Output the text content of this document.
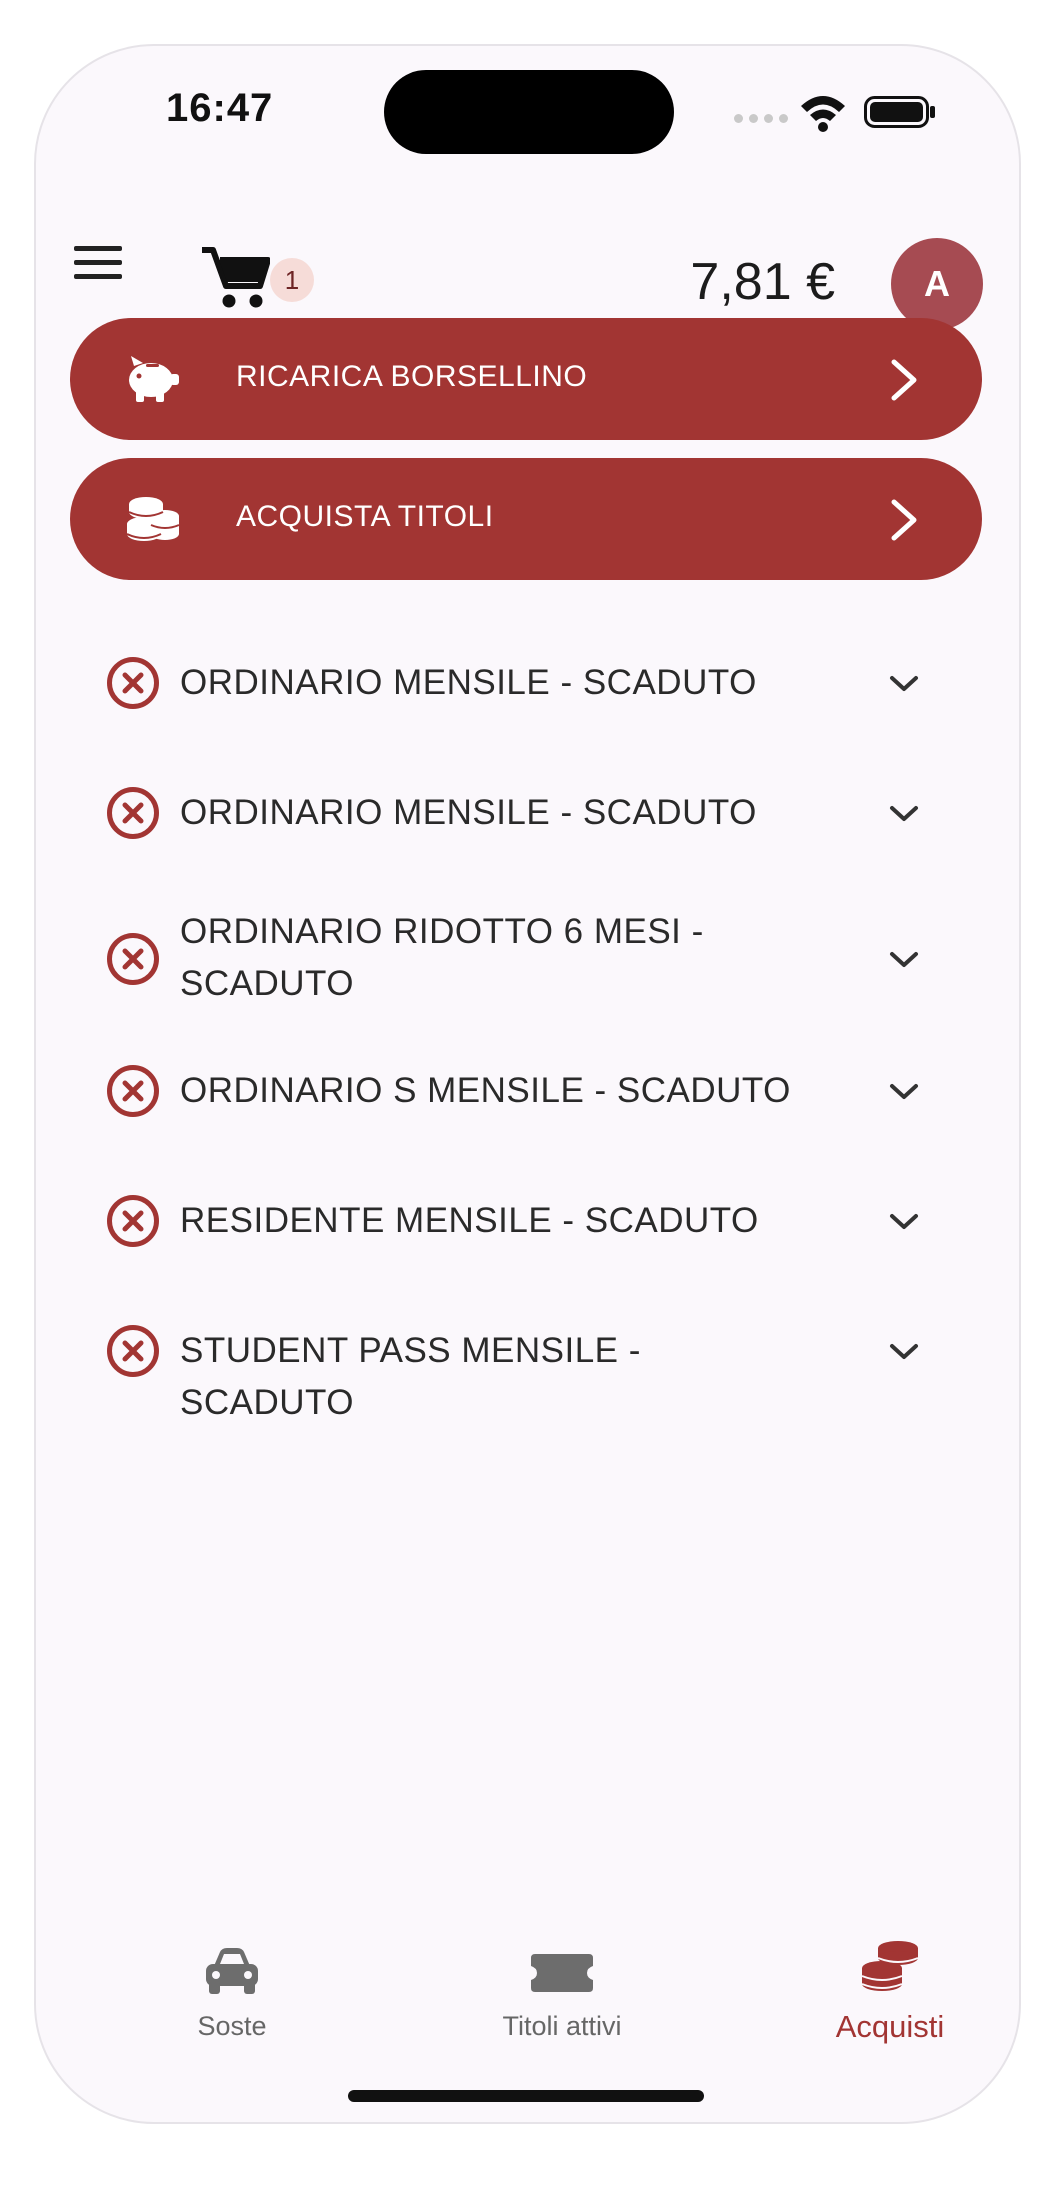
16:47
1	7,81 €	A
RICARICA BORSELLINO
ACQUISTA TITOLI
ORDINARIO MENSILE - SCADUTO
ORDINARIO MENSILE - SCADUTO
ORDINARIO RIDOTTO 6 MESI - SCADUTO
ORDINARIO S MENSILE - SCADUTO
RESIDENTE MENSILE - SCADUTO
STUDENT PASS MENSILE - SCADUTO
Soste	Titoli attivi	Acquisti
